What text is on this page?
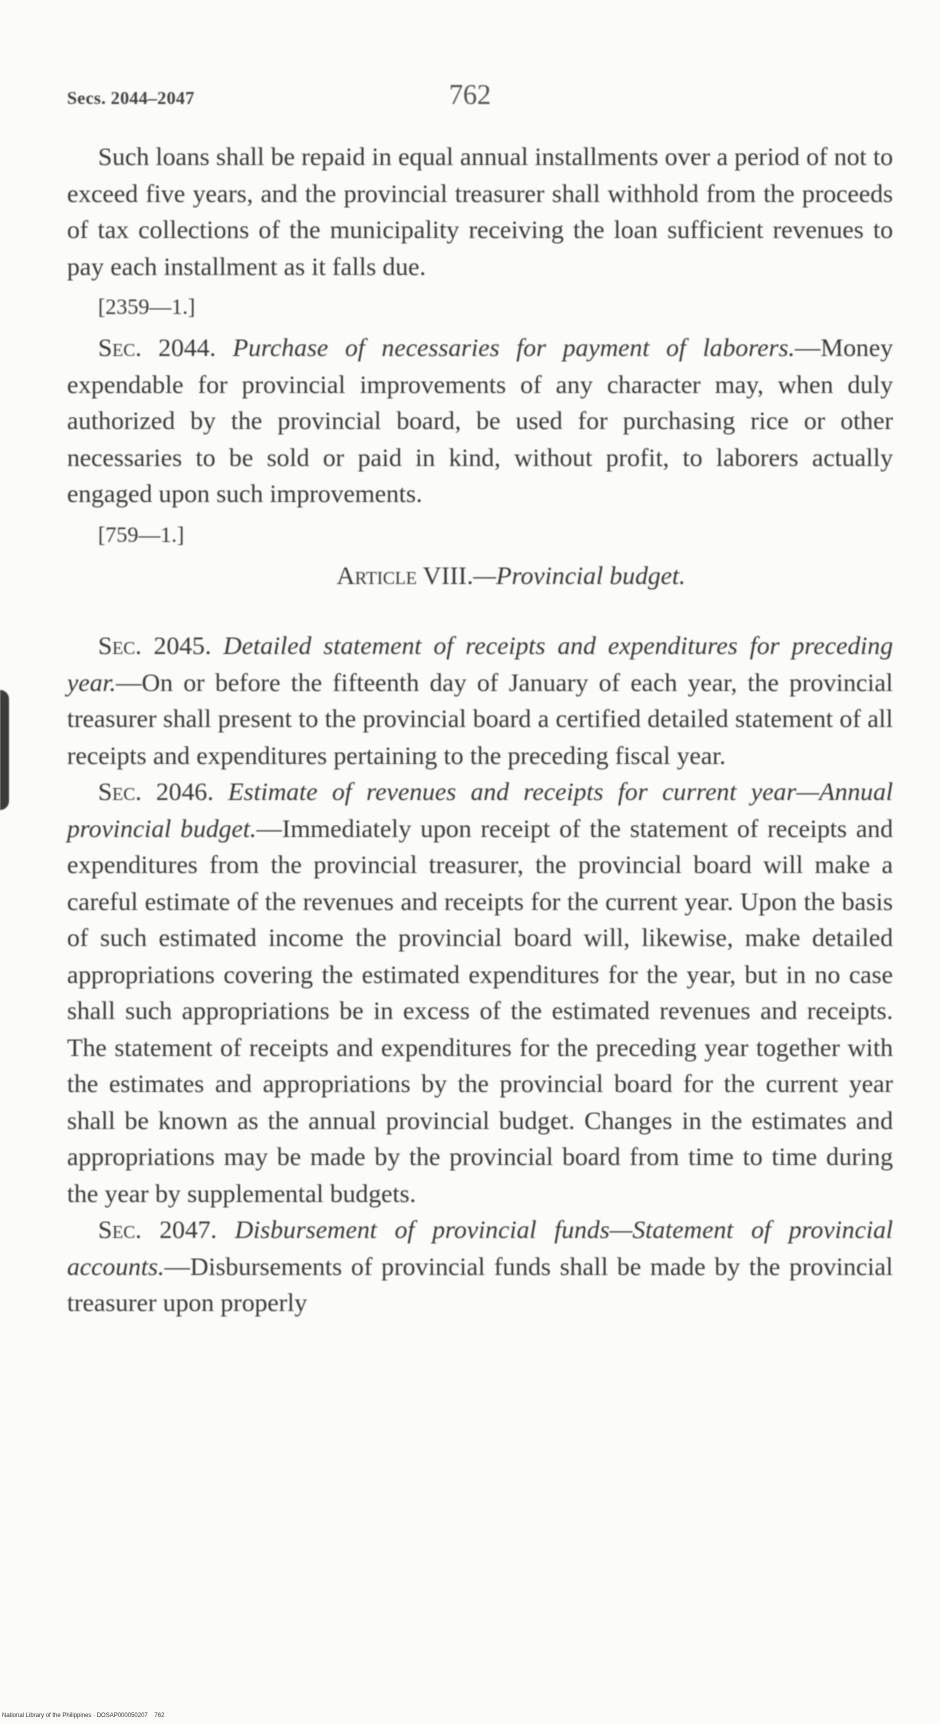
Secs. 2044–2047	762

Such loans shall be repaid in equal annual installments over a period of not to exceed five years, and the provincial treasurer shall withhold from the proceeds of tax collections of the municipality receiving the loan sufficient revenues to pay each installment as it falls due.

[2359—1.]

Sec. 2044. Purchase of necessaries for payment of laborers.—Money expendable for provincial improvements of any character may, when duly authorized by the provincial board, be used for purchasing rice or other necessaries to be sold or paid in kind, without profit, to laborers actually engaged upon such improvements.

[759—1.]

Article VIII.—Provincial budget.

Sec. 2045. Detailed statement of receipts and expenditures for preceding year.—On or before the fifteenth day of January of each year, the provincial treasurer shall present to the provincial board a certified detailed statement of all receipts and expenditures pertaining to the preceding fiscal year.

Sec. 2046. Estimate of revenues and receipts for current year—Annual provincial budget.—Immediately upon receipt of the statement of receipts and expenditures from the provincial treasurer, the provincial board will make a careful estimate of the revenues and receipts for the current year. Upon the basis of such estimated income the provincial board will, likewise, make detailed appropriations covering the estimated expenditures for the year, but in no case shall such appropriations be in excess of the estimated revenues and receipts. The statement of receipts and expenditures for the preceding year together with the estimates and appropriations by the provincial board for the current year shall be known as the annual provincial budget. Changes in the estimates and appropriations may be made by the provincial board from time to time during the year by supplemental budgets.

Sec. 2047. Disbursement of provincial funds—Statement of provincial accounts.—Disbursements of provincial funds shall be made by the provincial treasurer upon properly

National Library of the Philippines · DOSAP000050207    762
